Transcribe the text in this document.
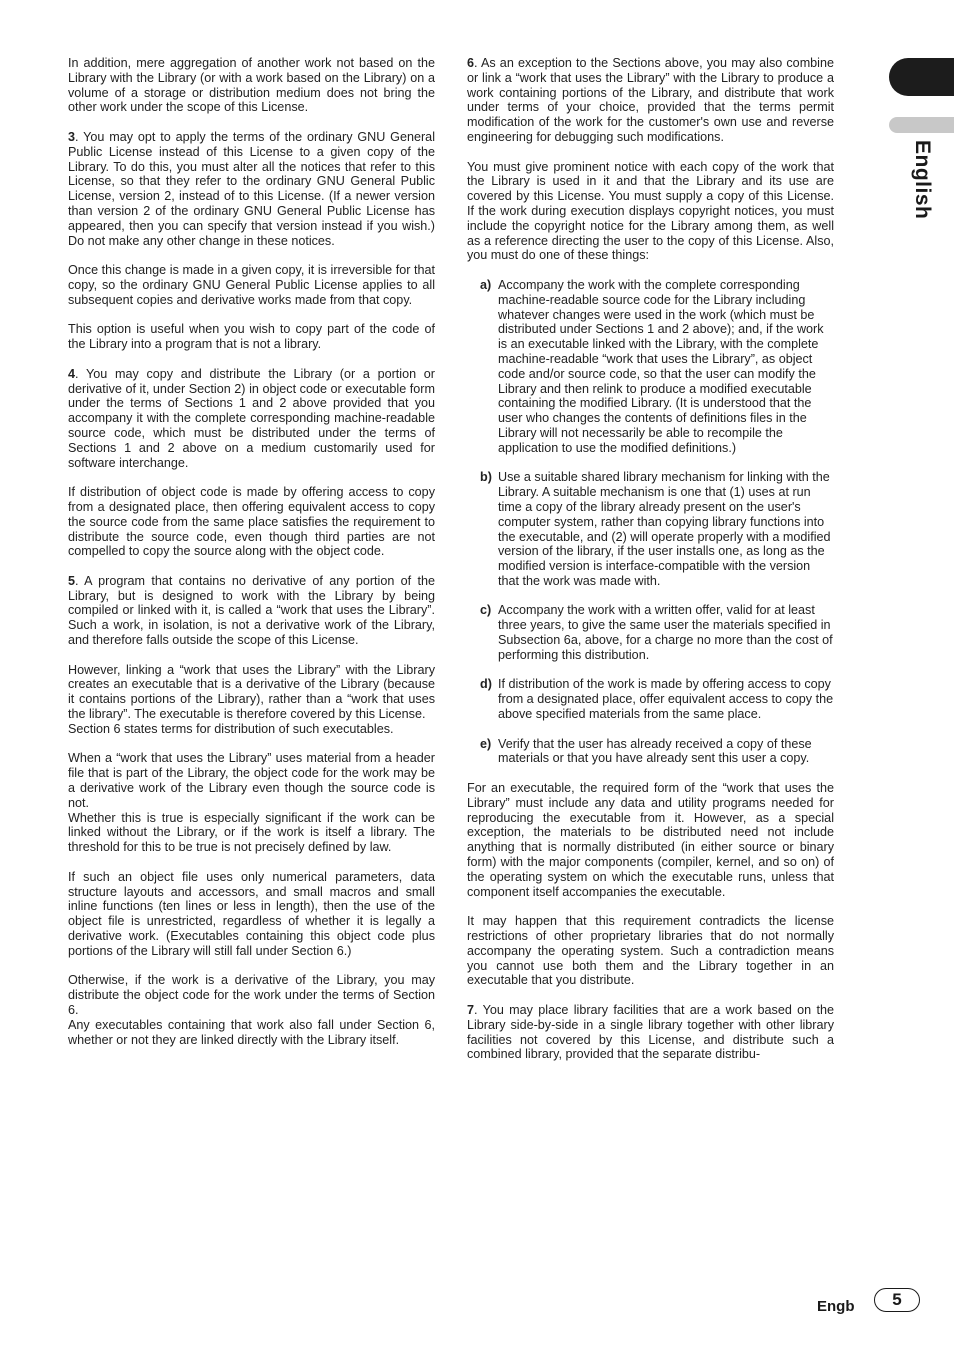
English

In addition, mere aggregation of another work not based on the Library with the Library (or with a work based on the Library) on a volume of a storage or distribution medium does not bring the other work under the scope of this License.

3. You may opt to apply the terms of the ordinary GNU General Public License instead of this License to a given copy of the Library. To do this, you must alter all the notices that refer to this License, so that they refer to the ordinary GNU General Public License, version 2, instead of to this License. (If a newer version than version 2 of the ordinary GNU General Public License has appeared, then you can specify that version instead if you wish.) Do not make any other change in these notices.

Once this change is made in a given copy, it is irreversible for that copy, so the ordinary GNU General Public License applies to all subsequent copies and derivative works made from that copy.

This option is useful when you wish to copy part of the code of the Library into a program that is not a library.

4. You may copy and distribute the Library (or a portion or derivative of it, under Section 2) in object code or executable form under the terms of Sections 1 and 2 above provided that you accompany it with the complete corresponding machine-readable source code, which must be distributed under the terms of Sections 1 and 2 above on a medium customarily used for software interchange.

If distribution of object code is made by offering access to copy from a designated place, then offering equivalent access to copy the source code from the same place satisfies the requirement to distribute the source code, even though third parties are not compelled to copy the source along with the object code.

5. A program that contains no derivative of any portion of the Library, but is designed to work with the Library by being compiled or linked with it, is called a “work that uses the Library”. Such a work, in isolation, is not a derivative work of the Library, and therefore falls outside the scope of this License.

However, linking a “work that uses the Library” with the Library creates an executable that is a derivative of the Library (because it contains portions of the Library), rather than a “work that uses the library”. The executable is therefore covered by this License.

Section 6 states terms for distribution of such executables.

When a “work that uses the Library” uses material from a header file that is part of the Library, the object code for the work may be a derivative work of the Library even though the source code is not.

Whether this is true is especially significant if the work can be linked without the Library, or if the work is itself a library. The threshold for this to be true is not precisely defined by law.

If such an object file uses only numerical parameters, data structure layouts and accessors, and small macros and small inline functions (ten lines or less in length), then the use of the object file is unrestricted, regardless of whether it is legally a derivative work. (Executables containing this object code plus portions of the Library will still fall under Section 6.)

Otherwise, if the work is a derivative of the Library, you may distribute the object code for the work under the terms of Section 6.

Any executables containing that work also fall under Section 6, whether or not they are linked directly with the Library itself.

6. As an exception to the Sections above, you may also combine or link a “work that uses the Library” with the Library to produce a work containing portions of the Library, and distribute that work under terms of your choice, provided that the terms permit modification of the work for the customer's own use and reverse engineering for debugging such modifications.

You must give prominent notice with each copy of the work that the Library is used in it and that the Library and its use are covered by this License. You must supply a copy of this License. If the work during execution displays copyright notices, you must include the copyright notice for the Library among them, as well as a reference directing the user to the copy of this License. Also, you must do one of these things:

a) Accompany the work with the complete corresponding machine-readable source code for the Library including whatever changes were used in the work (which must be distributed under Sections 1 and 2 above); and, if the work is an executable linked with the Library, with the complete machine-readable “work that uses the Library”, as object code and/or source code, so that the user can modify the Library and then relink to produce a modified executable containing the modified Library. (It is understood that the user who changes the contents of definitions files in the Library will not necessarily be able to recompile the application to use the modified definitions.)
b) Use a suitable shared library mechanism for linking with the Library. A suitable mechanism is one that (1) uses at run time a copy of the library already present on the user's computer system, rather than copying library functions into the executable, and (2) will operate properly with a modified version of the library, if the user installs one, as long as the modified version is interface-compatible with the version that the work was made with.
c) Accompany the work with a written offer, valid for at least three years, to give the same user the materials specified in Subsection 6a, above, for a charge no more than the cost of performing this distribution.
d) If distribution of the work is made by offering access to copy from a designated place, offer equivalent access to copy the above specified materials from the same place.
e) Verify that the user has already received a copy of these materials or that you have already sent this user a copy.

For an executable, the required form of the “work that uses the Library” must include any data and utility programs needed for reproducing the executable from it. However, as a special exception, the materials to be distributed need not include anything that is normally distributed (in either source or binary form) with the major components (compiler, kernel, and so on) of the operating system on which the executable runs, unless that component itself accompanies the executable.

It may happen that this requirement contradicts the license restrictions of other proprietary libraries that do not normally accompany the operating system. Such a contradiction means you cannot use both them and the Library together in an executable that you distribute.

7. You may place library facilities that are a work based on the Library side-by-side in a single library together with other library facilities not covered by this License, and distribute such a combined library, provided that the separate distribu-

Engb	5
